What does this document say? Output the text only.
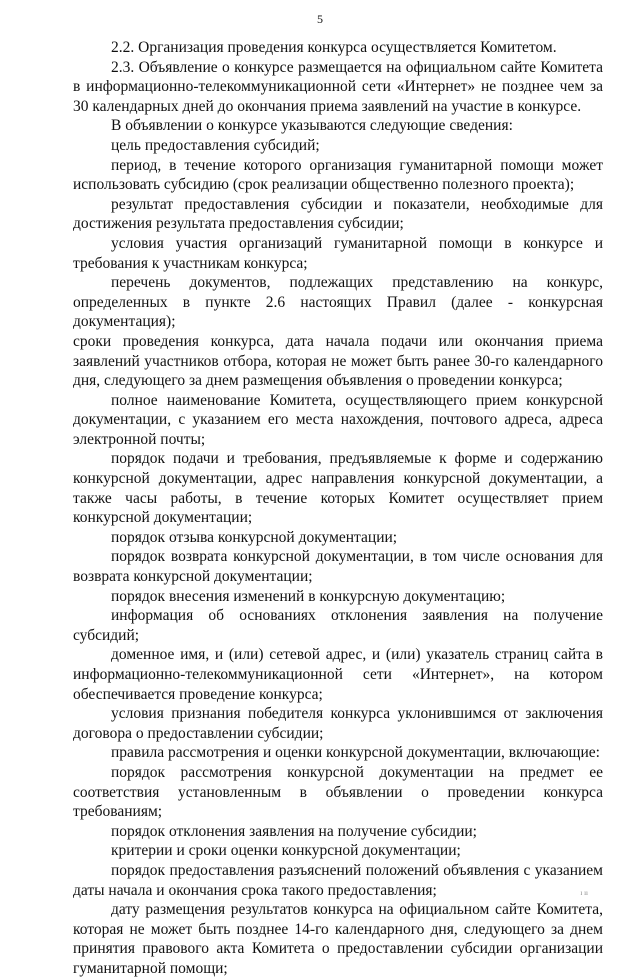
5

2.2. Организация проведения конкурса осуществляется Комитетом.

2.3. Объявление о конкурсе размещается на официальном сайте Комитета в информационно-телекоммуникационной сети «Интернет» не позднее чем за 30 календарных дней до окончания приема заявлений на участие в конкурсе.

В объявлении о конкурсе указываются следующие сведения:

цель предоставления субсидий;

период, в течение которого организация гуманитарной помощи может использовать субсидию (срок реализации общественно полезного проекта);

результат предоставления субсидии и показатели, необходимые для достижения результата предоставления субсидии;

условия участия организаций гуманитарной помощи в конкурсе и требования к участникам конкурса;

перечень документов, подлежащих представлению на конкурс, определенных в пункте 2.6 настоящих Правил (далее - конкурсная документация);

сроки проведения конкурса, дата начала подачи или окончания приема заявлений участников отбора, которая не может быть ранее 30-го календарного дня, следующего за днем размещения объявления о проведении конкурса;

полное наименование Комитета, осуществляющего прием конкурсной документации, с указанием его места нахождения, почтового адреса, адреса электронной почты;

порядок подачи и требования, предъявляемые к форме и содержанию конкурсной документации, адрес направления конкурсной документации, а также часы работы, в течение которых Комитет осуществляет прием конкурсной документации;

порядок отзыва конкурсной документации;

порядок возврата конкурсной документации, в том числе основания для возврата конкурсной документации;

порядок внесения изменений в конкурсную документацию;

информация об основаниях отклонения заявления на получение субсидий;

доменное имя, и (или) сетевой адрес, и (или) указатель страниц сайта в информационно-телекоммуникационной сети «Интернет», на котором обеспечивается проведение конкурса;

условия признания победителя конкурса уклонившимся от заключения договора о предоставлении субсидии;

правила рассмотрения и оценки конкурсной документации, включающие:

порядок рассмотрения конкурсной документации на предмет ее соответствия установленным в объявлении о проведении конкурса требованиям;

порядок отклонения заявления на получение субсидии;

критерии и сроки оценки конкурсной документации;

порядок предоставления разъяснений положений объявления с указанием даты начала и окончания срока такого предоставления;

дату размещения результатов конкурса на официальном сайте Комитета, которая не может быть позднее 14-го календарного дня, следующего за днем принятия правового акта Комитета о предоставлении субсидии организации гуманитарной помощи;

ı ıı
